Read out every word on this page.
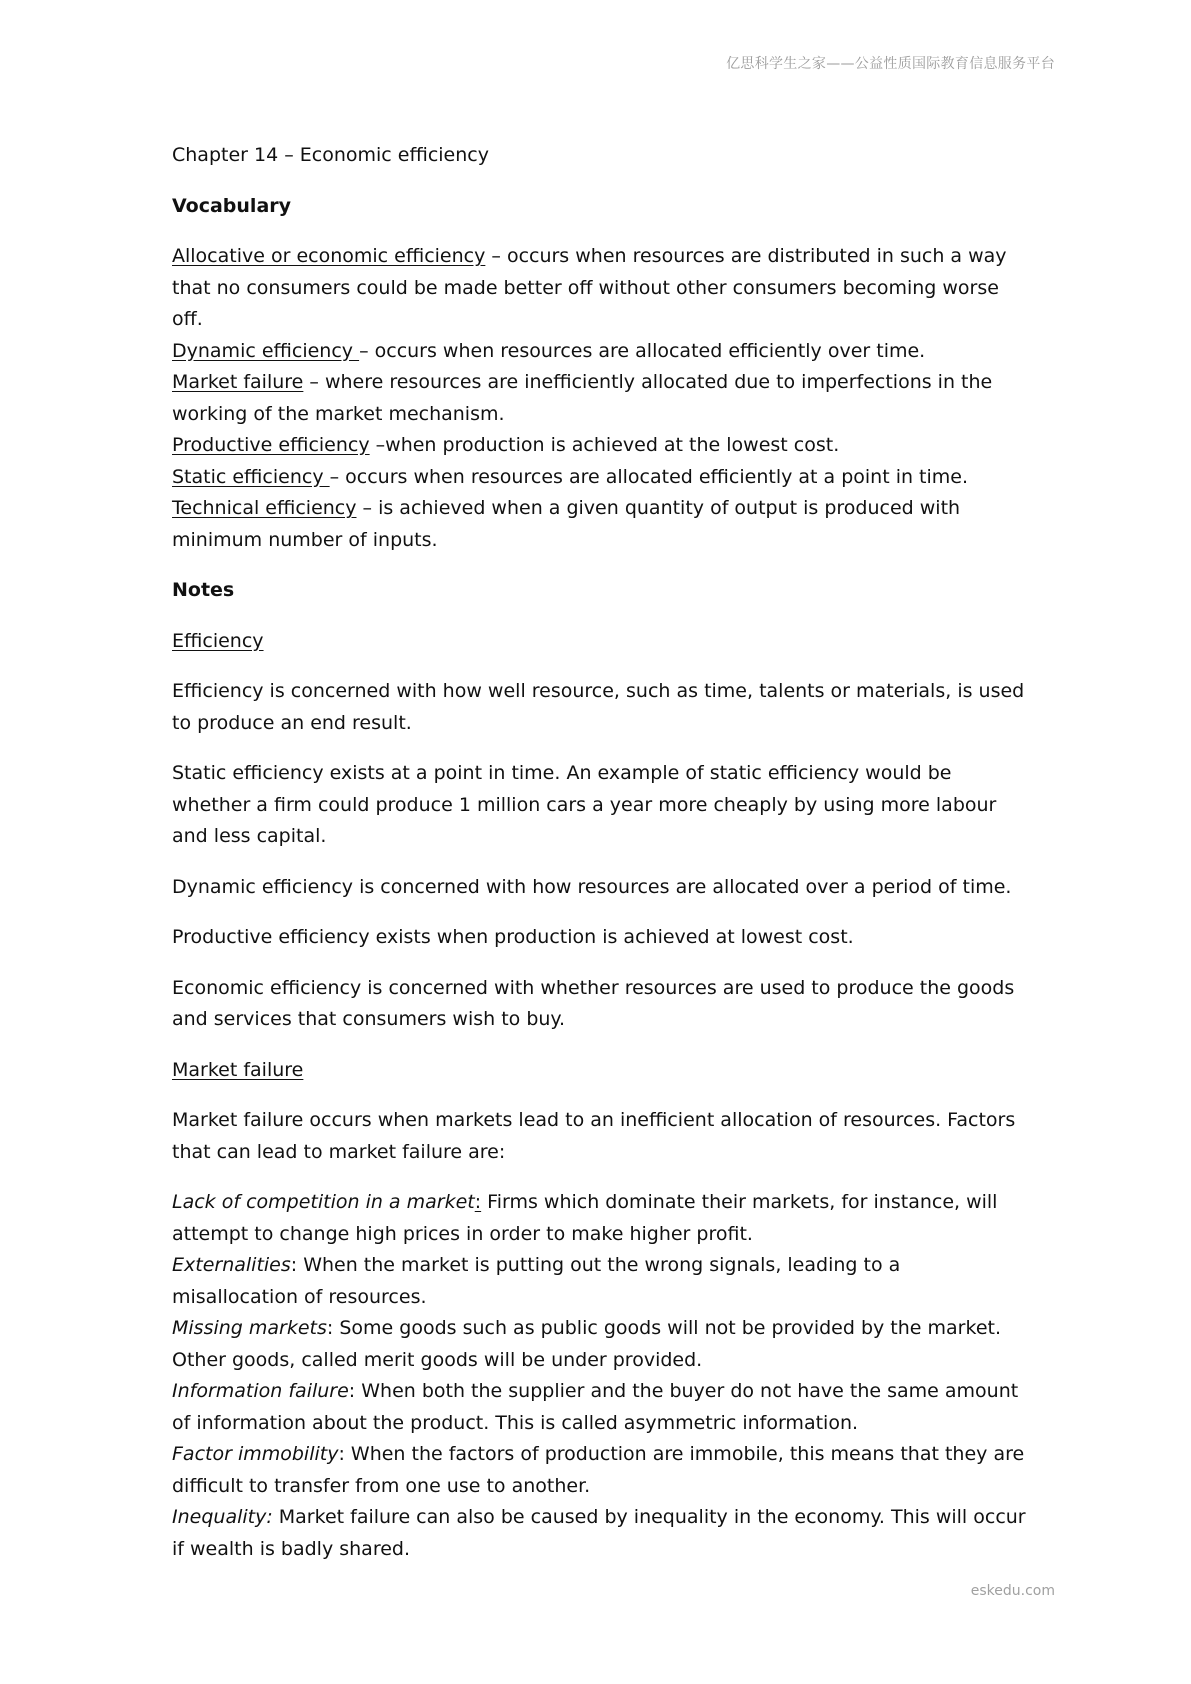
亿思科学生之家——公益性质国际教育信息服务平台

Chapter 14 – Economic efficiency

Vocabulary

Allocative or economic efficiency – occurs when resources are distributed in such a way that no consumers could be made better off without other consumers becoming worse off.
Dynamic efficiency – occurs when resources are allocated efficiently over time.
Market failure – where resources are inefficiently allocated due to imperfections in the working of the market mechanism.
Productive efficiency –when production is achieved at the lowest cost.
Static efficiency – occurs when resources are allocated efficiently at a point in time.
Technical efficiency – is achieved when a given quantity of output is produced with minimum number of inputs.

Notes

Efficiency

Efficiency is concerned with how well resource, such as time, talents or materials, is used to produce an end result.

Static efficiency exists at a point in time. An example of static efficiency would be whether a firm could produce 1 million cars a year more cheaply by using more labour and less capital.

Dynamic efficiency is concerned with how resources are allocated over a period of time.

Productive efficiency exists when production is achieved at lowest cost.

Economic efficiency is concerned with whether resources are used to produce the goods and services that consumers wish to buy.

Market failure

Market failure occurs when markets lead to an inefficient allocation of resources. Factors that can lead to market failure are:

Lack of competition in a market: Firms which dominate their markets, for instance, will attempt to change high prices in order to make higher profit.
Externalities: When the market is putting out the wrong signals, leading to a misallocation of resources.
Missing markets: Some goods such as public goods will not be provided by the market. Other goods, called merit goods will be under provided.
Information failure: When both the supplier and the buyer do not have the same amount of information about the product. This is called asymmetric information.
Factor immobility: When the factors of production are immobile, this means that they are difficult to transfer from one use to another.
Inequality: Market failure can also be caused by inequality in the economy. This will occur if wealth is badly shared.
eskedu.com
